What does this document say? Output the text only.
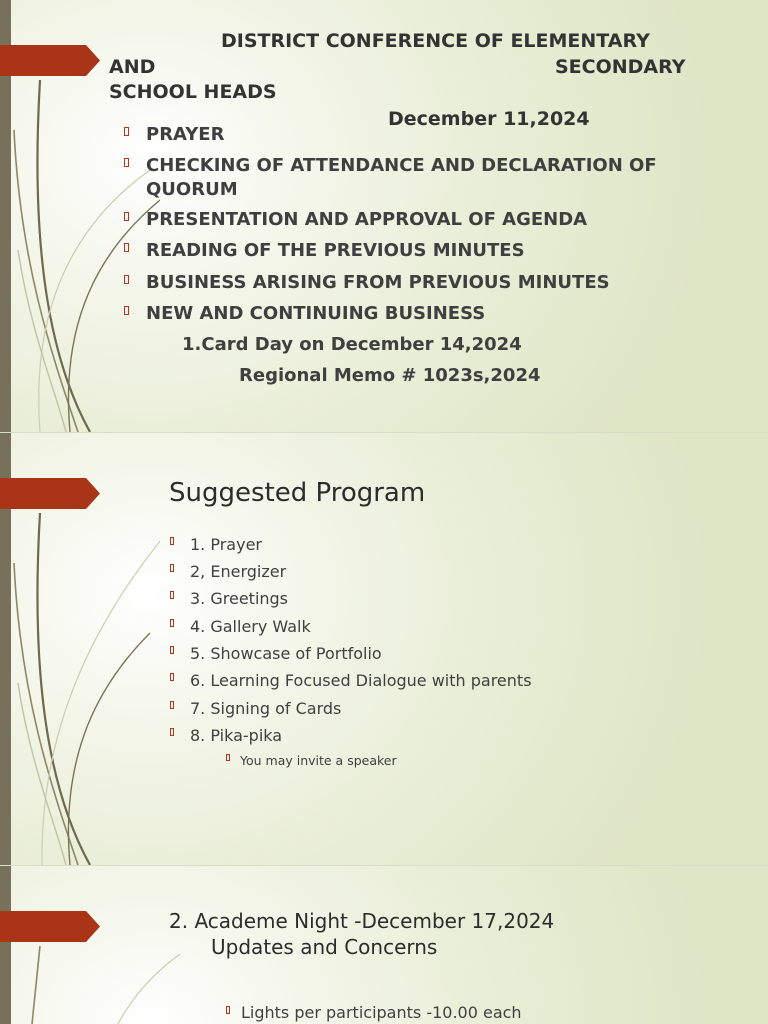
DISTRICT CONFERENCE OF ELEMENTARY

AND	SECONDARY

SCHOOL HEADS

December 11,2024

PRAYER

CHECKING OF ATTENDANCE AND DECLARATION OF

QUORUM

PRESENTATION AND APPROVAL OF AGENDA

READING OF THE PREVIOUS MINUTES

BUSINESS ARISING FROM PREVIOUS MINUTES

NEW AND CONTINUING BUSINESS

1.Card Day on December 14,2024

Regional Memo # 1023s,2024

Suggested Program

1. Prayer

2, Energizer

3. Greetings

4. Gallery Walk

5. Showcase of Portfolio

6. Learning Focused Dialogue with parents

7. Signing of Cards

8. Pika-pika

You may invite a speaker

2. Academe Night -December 17,2024

Updates and Concerns

Lights per participants -10.00 each
